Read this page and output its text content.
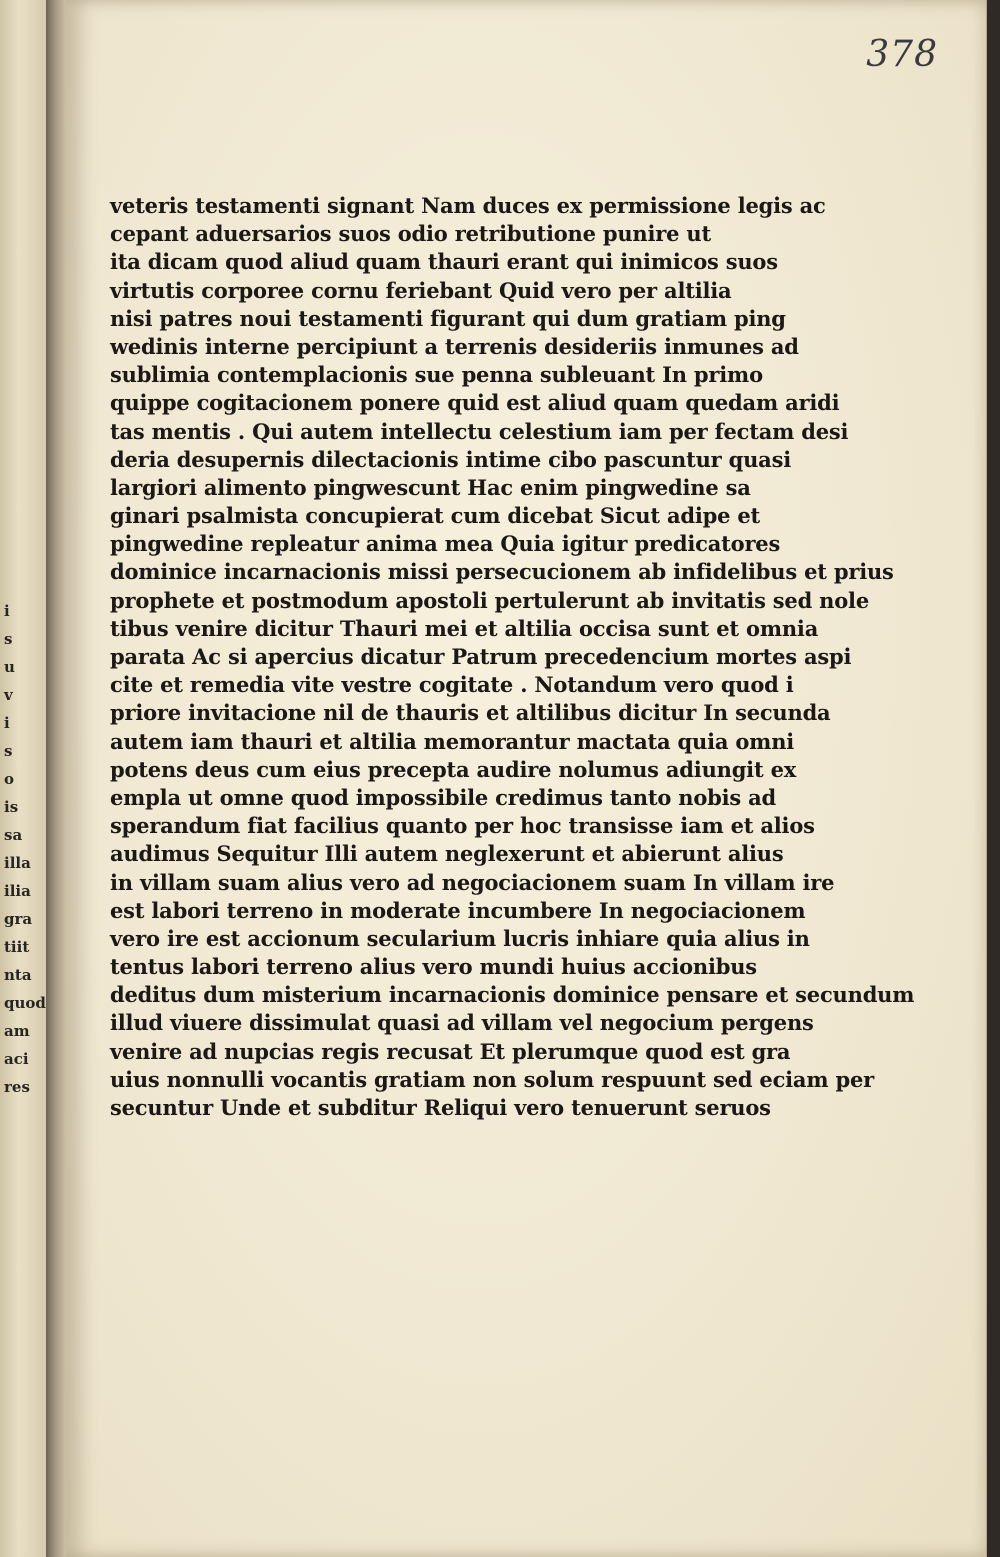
i
s
u
v
i
s
o
is
sa
illa
ilia
gra
tiit
nta
quod
am
aci
res
378
veteris testamenti signant Nam duces ex permissione legis ac
cepant aduersarios suos odio retributione punire ut
ita dicam quod aliud quam thauri erant qui inimicos suos
virtutis corporee cornu feriebant Quid vero per altilia
nisi patres noui testamenti figurant qui dum gratiam ping
wedinis interne percipiunt a terrenis desideriis inmunes ad
sublimia contemplacionis sue penna subleuant In primo
quippe cogitacionem ponere quid est aliud quam quedam aridi
tas mentis . Qui autem intellectu celestium iam per fectam desi
deria desupernis dilectacionis intime cibo pascuntur quasi
largiori alimento pingwescunt Hac enim pingwedine sa
ginari psalmista concupierat cum dicebat Sicut adipe et
pingwedine repleatur anima mea Quia igitur predicatores
dominice incarnacionis missi persecucionem ab infidelibus et prius
prophete et postmodum apostoli pertulerunt ab invitatis sed nole
tibus venire dicitur Thauri mei et altilia occisa sunt et omnia
parata Ac si apercius dicatur Patrum precedencium mortes aspi
cite et remedia vite vestre cogitate . Notandum vero quod i
priore invitacione nil de thauris et altilibus dicitur In secunda
autem iam thauri et altilia memorantur mactata quia omni
potens deus cum eius precepta audire nolumus adiungit ex
empla ut omne quod impossibile credimus tanto nobis ad
sperandum fiat facilius quanto per hoc transisse iam et alios
audimus Sequitur Illi autem neglexerunt et abierunt alius
in villam suam alius vero ad negociacionem suam In villam ire
est labori terreno in moderate incumbere In negociacionem
vero ire est accionum secularium lucris inhiare quia alius in
tentus labori terreno alius vero mundi huius accionibus
deditus dum misterium incarnacionis dominice pensare et secundum
illud viuere dissimulat quasi ad villam vel negocium pergens
venire ad nupcias regis recusat Et plerumque quod est gra
uius nonnulli vocantis gratiam non solum respuunt sed eciam per
secuntur Unde et subditur Reliqui vero tenuerunt seruos
